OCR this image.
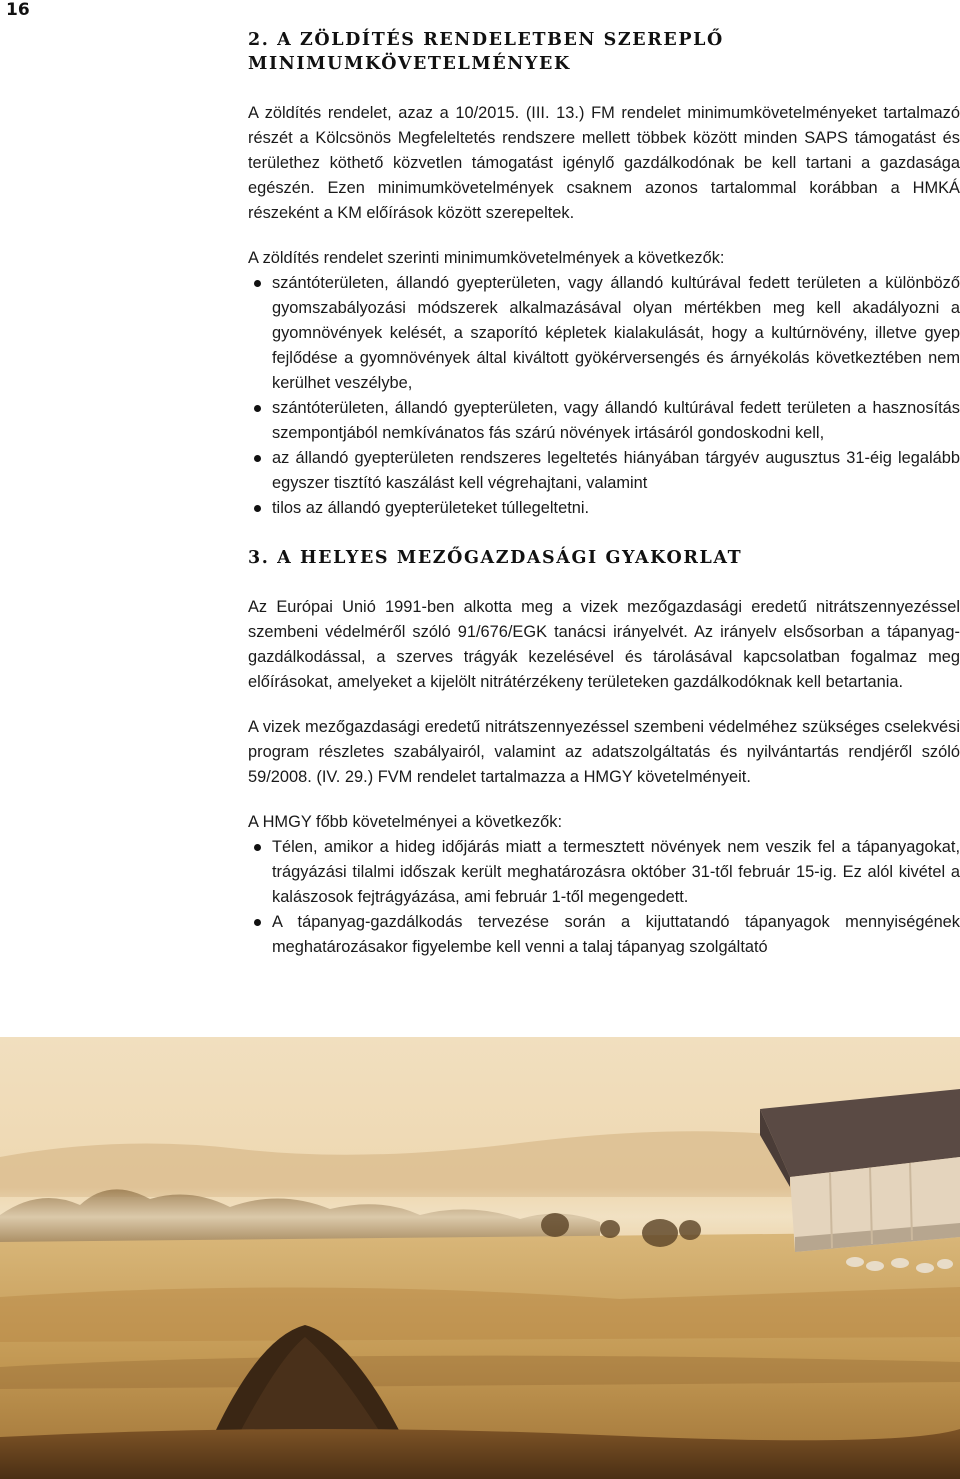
16
2. A ZÖLDÍTÉS RENDELETBEN SZEREPLŐ
MINIMUMKÖVETELMÉNYEK

A zöldítés rendelet, azaz a 10/2015. (III. 13.) FM rendelet minimumkövetelményeket tartalmazó részét a Kölcsönös Megfeleltetés rendszere mellett többek között minden SAPS támogatást és területhez köthető közvetlen támogatást igénylő gazdálkodónak be kell tartani a gazdasága egészén. Ezen minimumkövetelmények csaknem azonos tartalommal korábban a HMKÁ részeként a KM előírások között szerepeltek.

A zöldítés rendelet szerinti minimumkövetelmények a következők:

szántóterületen, állandó gyepterületen, vagy állandó kultúrával fedett területen a különböző gyomszabályozási módszerek alkalmazásával olyan mértékben meg kell akadályozni a gyomnövények kelését, a szaporító képletek kialakulását, hogy a kultúrnövény, illetve gyep fejlődése a gyomnövények által kiváltott gyökérversengés és árnyékolás következtében nem kerülhet veszélybe,
szántóterületen, állandó gyepterületen, vagy állandó kultúrával fedett területen a hasznosítás szempontjából nemkívánatos fás szárú növények irtásáról gondoskodni kell,
az állandó gyepterületen rendszeres legeltetés hiányában tárgyév augusztus 31-éig legalább egyszer tisztító kaszálást kell végrehajtani, valamint
tilos az állandó gyepterületeket túllegeltetni.
3. A HELYES MEZŐGAZDASÁGI GYAKORLAT

Az Európai Unió 1991-ben alkotta meg a vizek mezőgazdasági eredetű nitrátszennyezéssel szembeni védelméről szóló 91/676/EGK tanácsi irányelvét. Az irányelv elsősorban a tápanyag-gazdálkodással, a szerves trágyák kezelésével és tárolásával kapcsolatban fogalmaz meg előírásokat, amelyeket a kijelölt nitrátérzékeny területeken gazdálkodóknak kell betartania.

A vizek mezőgazdasági eredetű nitrátszennyezéssel szembeni védelméhez szükséges cselekvési program részletes szabályairól, valamint az adatszolgáltatás és nyilvántartás rendjéről szóló 59/2008. (IV. 29.) FVM rendelet tartalmazza a HMGY követelményeit.

A HMGY főbb követelményei a következők:

Télen, amikor a hideg időjárás miatt a termesztett növények nem veszik fel a tápanyagokat, trágyázási tilalmi időszak került meghatározásra október 31-től február 15-ig. Ez alól kivétel a kalászosok fejtrágyázása, ami február 1-től megengedett.
A tápanyag-gazdálkodás tervezése során a kijuttatandó tápanyagok mennyiségének meghatározásakor figyelembe kell venni a talaj tápanyag szolgáltató
